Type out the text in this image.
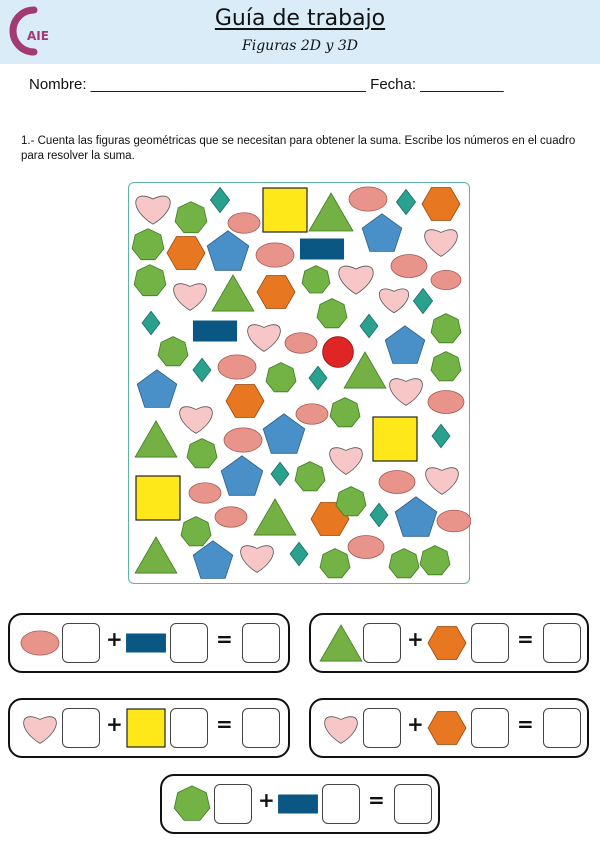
AIE
Guía de trabajo
Figuras 2D y 3D
Nombre: _________________________________ Fecha: __________
1.- Cuenta las figuras geométricas que se necesitan para obtener la suma. Escribe los números en el cuadro para resolver la suma.
+	=	+	=
+	=	+	=
+	=
